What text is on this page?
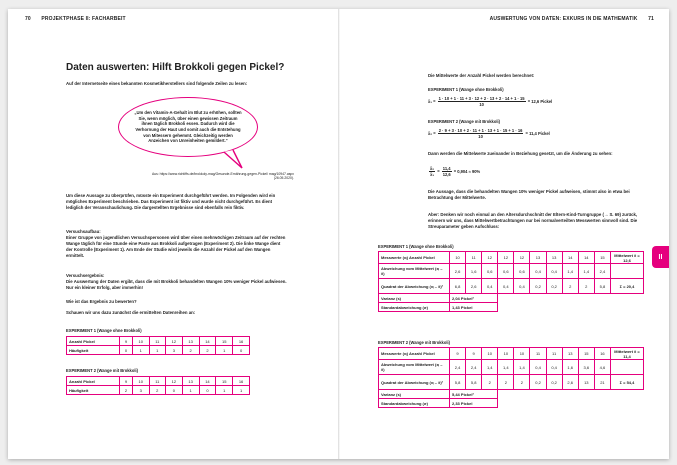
70 PROJEKTPHASE II: FACHARBEIT	AUSWERTUNG VON DATEN: EXKURS IN DIE MATHEMATIK 71
Daten auswerten: Hilft Brokkoli gegen Pickel?
Auf der Internetseite eines bekannten Kosmetikherstellers sind folgende Zeilen zu lesen:
„Um den Vitamin-A-Gehalt im Blut zu erhöhen, sollten Sie, wenn möglich, über einen gewissen Zeitraum ihnen täglich Brokkoli essen. Dadurch wird die Verhornung der Haut und somit auch die Entstehung von Mitessern gehemmt. Gleichzeitig werden Anzeichen von Unreinheiten gemildert.“
Aus: https://www.richtiffs.de/brokkoly-mag/Gesunde-Ernährung-gegen-Pickel/ mag/10947.aspx (26.05.2020).
Um diese Aussage zu überprüfen, müsste ein Experiment durchgeführt werden. Im Folgenden wird ein mögliches Experiment beschrieben. Das Experiment ist fiktiv und wurde nicht durchgeführt. Es dient lediglich der Veranschaulichung. Die dargestellten Ergebnisse sind ebenfalls rein fiktiv.
Versuchsaufbau:
Einer Gruppe von jugendlichen Versuchspersonen wird über einen mehrwöchigen Zeitraum auf der rechten Wange täglich für eine Stunde eine Paste aus Brokkoli aufgetragen (Experiment 2). Die linke Wange dient der Kontrolle (Experiment 1). Am Ende der Studie wird jeweils die Anzahl der Pickel auf den Wangen ermittelt.
Versuchsergebnis:
Die Auswertung der Daten ergibt, dass die mit Brokkoli behandelten Wangen 10% weniger Pickel aufwiesen. Nur ein kleiner Erfolg, aber immerhin!
Wie ist das Ergebnis zu bewerten?
Schauen wir uns dazu zunächst die ermittelten Datenreihen an:
EXPERIMENT 1 (Wange ohne Brokkoli)
Anzahl Pickel	9	10	11	12	13	14	15	16
Häufigkeit	0	1	1	3	2	2	1	0
EXPERIMENT 2 (Wange mit Brokkoli)
Anzahl Pickel	9	10	11	12	13	14	15	16
Häufigkeit	2	3	2	0	1	0	1	1
Die Mittelwerte der Anzahl Pickel werden berechnet:
EXPERIMENT 1 (Wange ohne Brokkoli)
x̄₁ = $\frac{1 \cdot 10 + 1 \cdot 11 + 3 \cdot 12 + 2 \cdot 13 + 2 \cdot 14 + 1 \cdot 15}{10} = 12,6$ Pickel
EXPERIMENT 2 (Wange mit Brokkoli)
x̄₂ = $\frac{2 \cdot 9 + 3 \cdot 10 + 2 \cdot 11 + 1 \cdot 13 + 1 \cdot 15 + 1 \cdot 16}{10} = 11,4$ Pickel
Dann werden die Mittelwerte zueinander in Beziehung gesetzt, um die Änderung zu sehen:
$\frac{\text{x̄₂}}{\text{x̄₁}} = \frac{11,4}{12,6} = 0,904 \approx 90\%$
Die Aussage, dass die behandelten Wangen 10% weniger Pickel aufweisen, stimmt also in etwa bei Betrachtung der Mittelwerte.
Aber: Denken wir noch einmal an den Altersdurchschnitt der Eltern-Kind-Turngruppe (→ S. 69) zurück, erinnern wir uns, dass Mittelwertbetrachtungen nur bei normalverteilten Messwerten sinnvoll sind. Die Streuparameter geben Aufschluss:
EXPERIMENT 1 (Wange ohne Brokkoli)
Messwerte (xᵢ) Anzahl Pickel	10	11	12	12	12	13	13	14	14	15	Mittelwert x̄ = 12,6
Abweichung vom Mittelwert (xᵢ – x̄)	2,6	1,6	0,6	0,6	0,6	0,4	0,4	1,4	1,4	2,4	
Quadrat der Abweichung (xᵢ – x̄)²	6,8	2,6	0,4	0,4	0,4	0,2	0,2	2	2	5,8	Σ = 20,4
Varianz (s)	2,04 Pickel²										
Standardabweichung (σ)	1,43 Pickel										
EXPERIMENT 2 (Wange mit Brokkoli)
Messwerte (xᵢ) Anzahl Pickel	9	9	10	10	10	11	11	13	15	16	Mittelwert x̄ = 11,4
Abweichung vom Mittelwert (xᵢ – x̄)	2,4	2,4	1,4	1,4	1,4	0,4	0,4	1,6	3,6	4,6	
Quadrat der Abweichung (xᵢ – x̄)²	5,8	5,8	2	2	2	0,2	0,2	2,6	13	21	Σ = 54,4
Varianz (s)	5,44 Pickel²										
Standardabweichung (σ)	2,33 Pickel										
II
